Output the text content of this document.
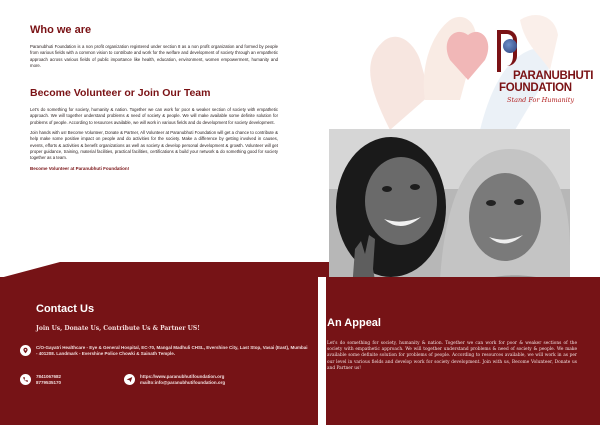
Who we are
Paranubhuti Foundation is a non profit organization registered under section 8 as a non profit organization and formed by people from various fields with a common vision to contribute and work for the welfare and development of society through an empathetic approach across various fields of public importance like health, education, environment, women empowerment, humanity and more.
Become Volunteer or Join Our Team
Let's do something for society, humanity & nation. Together we can work for poor & weaker section of society with empathetic approach. We will together understand problems & need of society & people. We will make available some definite solution for problems of people. According to resources available, we will work in various fields and do development for society development.
Join hands with us! Become Volunteer, Donate & Partner, All Volunteer at Paranubhuti Foundation will get a chance to contribute & help make some positive impact on people and do activities for the society. Make a difference by getting involved in causes, events, efforts & activities & benefit organizations as well as society & develop personal development & growth. Volunteer will get proper guidance, training, material facilities, practical facilities, certifications & build your network & do something good for society together as a team.
Become Volunteer at Paranubhuti Foundation!
PARANUBHUTI
FOUNDATION
Stand For Humanity
Contact Us
Join Us, Donate Us, Contribute Us & Partner US!
C/O-Gayatri Healthcare - Eye & General Hospital, EC-70, Mangal Madhuli CHSL, Evershine City, Last Stop, Vasai (East), Mumbai - 401208. Landmark - Evershine Police Chowki & Sainath Temple.
7841067682
8779535170
https://www.paranubhutifoundation.org
mailto:info@paranubhutifoundation.org
An Appeal
Let's do something for society, humanity & nation. Together we can work for poor & weaker sections of the society with empathetic approach. We will together understand problems & need of society & people. We make available some definite solution for problems of people. According to resources available, we will work in as per our level in various fields and develop work for society development. Join with us, Become Volunteer, Donate us and Partner us!
